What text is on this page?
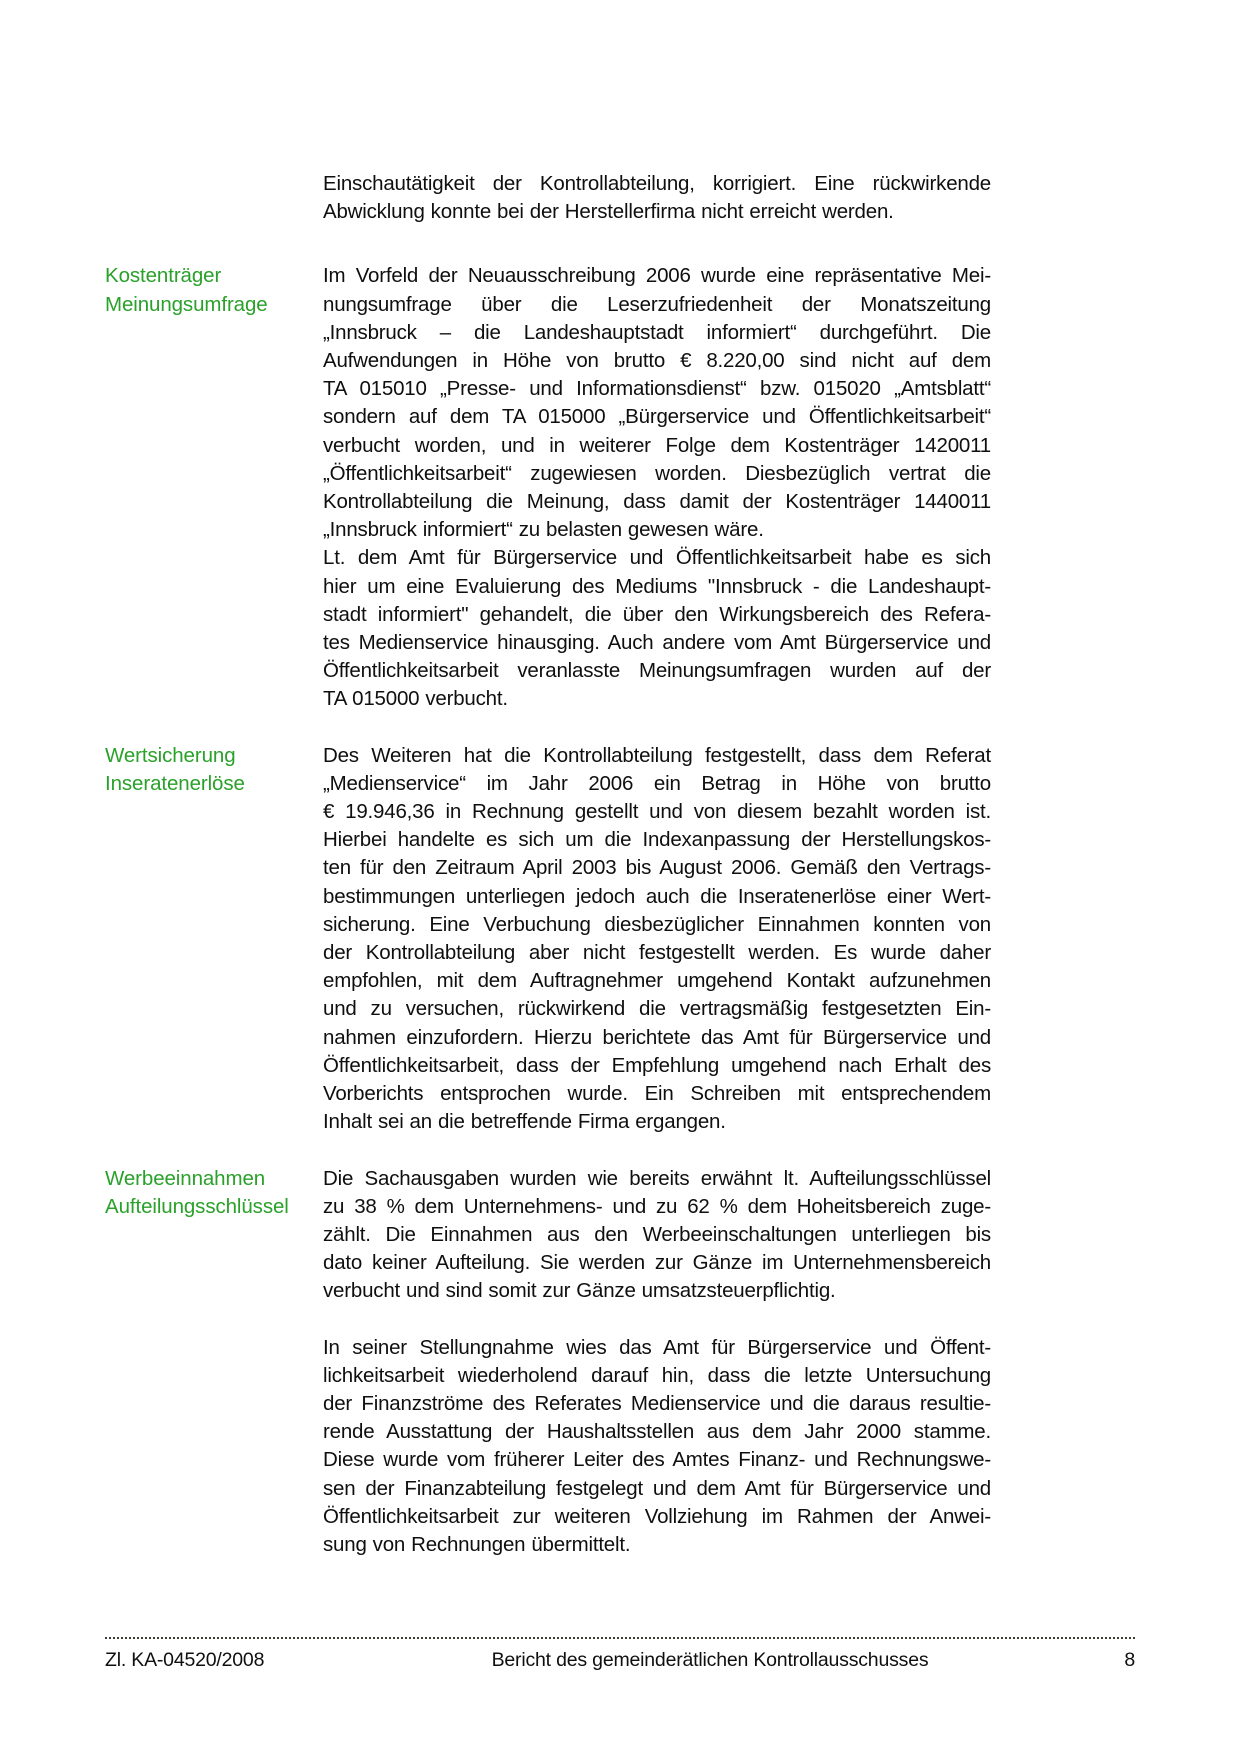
Einschautätigkeit der Kontrollabteilung, korrigiert. Eine rückwirkende
Abwicklung konnte bei der Herstellerfirma nicht erreicht werden.
Kostenträger
Meinungsumfrage
Im Vorfeld der Neuausschreibung 2006 wurde eine repräsentative Mei-
nungsumfrage über die Leserzufriedenheit der Monatszeitung
„Innsbruck – die Landeshauptstadt informiert“ durchgeführt. Die
Aufwendungen in Höhe von brutto € 8.220,00 sind nicht auf dem
TA 015010 „Presse- und Informationsdienst“ bzw. 015020 „Amtsblatt“
sondern auf dem TA 015000 „Bürgerservice und Öffentlichkeitsarbeit“
verbucht worden, und in weiterer Folge dem Kostenträger 1420011
„Öffentlichkeitsarbeit“ zugewiesen worden. Diesbezüglich vertrat die
Kontrollabteilung die Meinung, dass damit der Kostenträger 1440011
„Innsbruck informiert“ zu belasten gewesen wäre.
Lt. dem Amt für Bürgerservice und Öffentlichkeitsarbeit habe es sich
hier um eine Evaluierung des Mediums "Innsbruck - die Landeshaupt-
stadt informiert" gehandelt, die über den Wirkungsbereich des Refera-
tes Medienservice hinausging. Auch andere vom Amt Bürgerservice und
Öffentlichkeitsarbeit veranlasste Meinungsumfragen wurden auf der
TA 015000 verbucht.
Wertsicherung
Inseratenerlöse
Des Weiteren hat die Kontrollabteilung festgestellt, dass dem Referat
„Medienservice“ im Jahr 2006 ein Betrag in Höhe von brutto
€ 19.946,36 in Rechnung gestellt und von diesem bezahlt worden ist.
Hierbei handelte es sich um die Indexanpassung der Herstellungskos-
ten für den Zeitraum April 2003 bis August 2006. Gemäß den Vertrags-
bestimmungen unterliegen jedoch auch die Inseratenerlöse einer Wert-
sicherung. Eine Verbuchung diesbezüglicher Einnahmen konnten von
der Kontrollabteilung aber nicht festgestellt werden. Es wurde daher
empfohlen, mit dem Auftragnehmer umgehend Kontakt aufzunehmen
und zu versuchen, rückwirkend die vertragsmäßig festgesetzten Ein-
nahmen einzufordern. Hierzu berichtete das Amt für Bürgerservice und
Öffentlichkeitsarbeit, dass der Empfehlung umgehend nach Erhalt des
Vorberichts entsprochen wurde. Ein Schreiben mit entsprechendem
Inhalt sei an die betreffende Firma ergangen.
Werbeeinnahmen
Aufteilungsschlüssel
Die Sachausgaben wurden wie bereits erwähnt lt. Aufteilungsschlüssel
zu 38 % dem Unternehmens- und zu 62 % dem Hoheitsbereich zuge-
zählt. Die Einnahmen aus den Werbeeinschaltungen unterliegen bis
dato keiner Aufteilung. Sie werden zur Gänze im Unternehmensbereich
verbucht und sind somit zur Gänze umsatzsteuerpflichtig.
In seiner Stellungnahme wies das Amt für Bürgerservice und Öffent-
lichkeitsarbeit wiederholend darauf hin, dass die letzte Untersuchung
der Finanzströme des Referates Medienservice und die daraus resultie-
rende Ausstattung der Haushaltsstellen aus dem Jahr 2000 stamme.
Diese wurde vom früherer Leiter des Amtes Finanz- und Rechnungswe-
sen der Finanzabteilung festgelegt und dem Amt für Bürgerservice und
Öffentlichkeitsarbeit zur weiteren Vollziehung im Rahmen der Anwei-
sung von Rechnungen übermittelt.
Zl. KA-04520/2008	Bericht des gemeinderätlichen Kontrollausschusses	8
